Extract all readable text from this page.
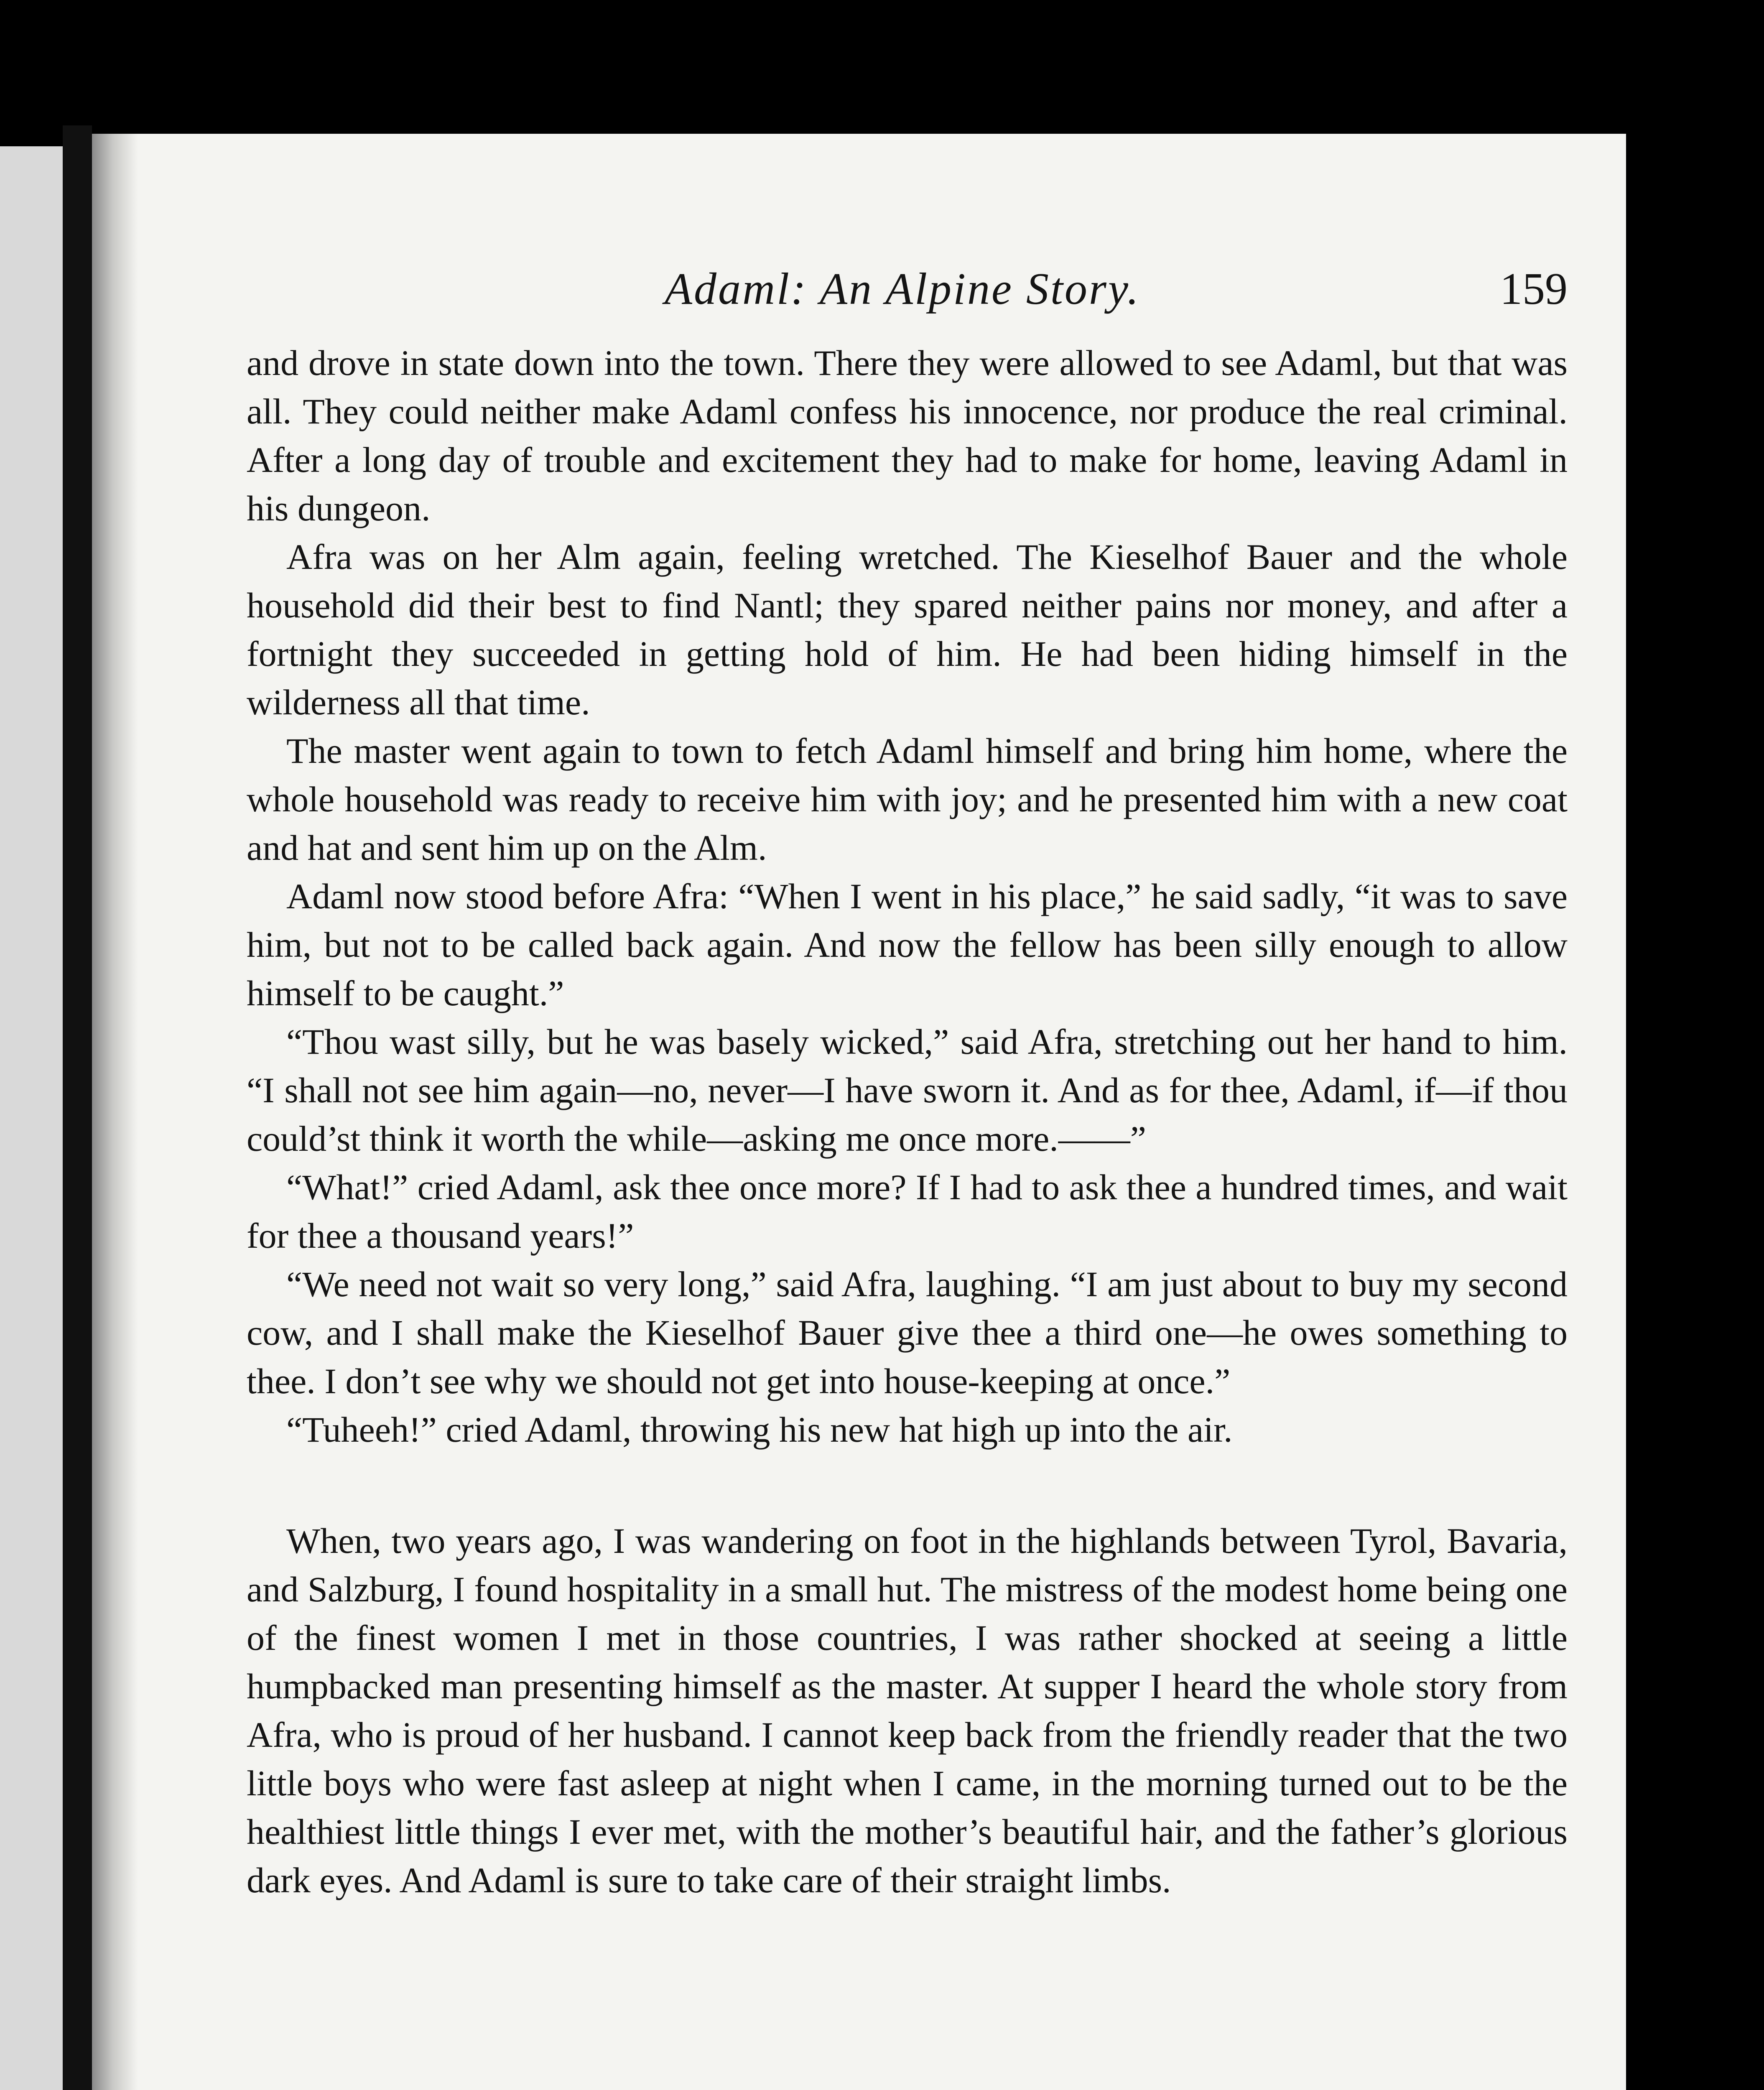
Adaml: An Alpine Story.	159

and drove in state down into the town. There they were allowed to see Adaml, but that was all. They could neither make Adaml confess his innocence, nor produce the real criminal. After a long day of trouble and excitement they had to make for home, leaving Adaml in his dungeon.

Afra was on her Alm again, feeling wretched. The Kieselhof Bauer and the whole household did their best to find Nantl; they spared neither pains nor money, and after a fortnight they succeeded in getting hold of him. He had been hiding himself in the wilderness all that time.

The master went again to town to fetch Adaml himself and bring him home, where the whole household was ready to receive him with joy; and he presented him with a new coat and hat and sent him up on the Alm.

Adaml now stood before Afra: “When I went in his place,” he said sadly, “it was to save him, but not to be called back again. And now the fellow has been silly enough to allow himself to be caught.”

“Thou wast silly, but he was basely wicked,” said Afra, stretching out her hand to him. “I shall not see him again—no, never—I have sworn it. And as for thee, Adaml, if—if thou could’st think it worth the while—asking me once more.——”

“What!” cried Adaml, ask thee once more? If I had to ask thee a hundred times, and wait for thee a thousand years!”

“We need not wait so very long,” said Afra, laughing. “I am just about to buy my second cow, and I shall make the Kieselhof Bauer give thee a third one—he owes something to thee. I don’t see why we should not get into house-keeping at once.”

“Tuheeh!” cried Adaml, throwing his new hat high up into the air.

When, two years ago, I was wandering on foot in the highlands between Tyrol, Bavaria, and Salzburg, I found hospitality in a small hut. The mistress of the modest home being one of the finest women I met in those countries, I was rather shocked at seeing a little humpbacked man presenting himself as the master. At supper I heard the whole story from Afra, who is proud of her husband. I cannot keep back from the friendly reader that the two little boys who were fast asleep at night when I came, in the morning turned out to be the healthiest little things I ever met, with the mother’s beautiful hair, and the father’s glorious dark eyes. And Adaml is sure to take care of their straight limbs.
